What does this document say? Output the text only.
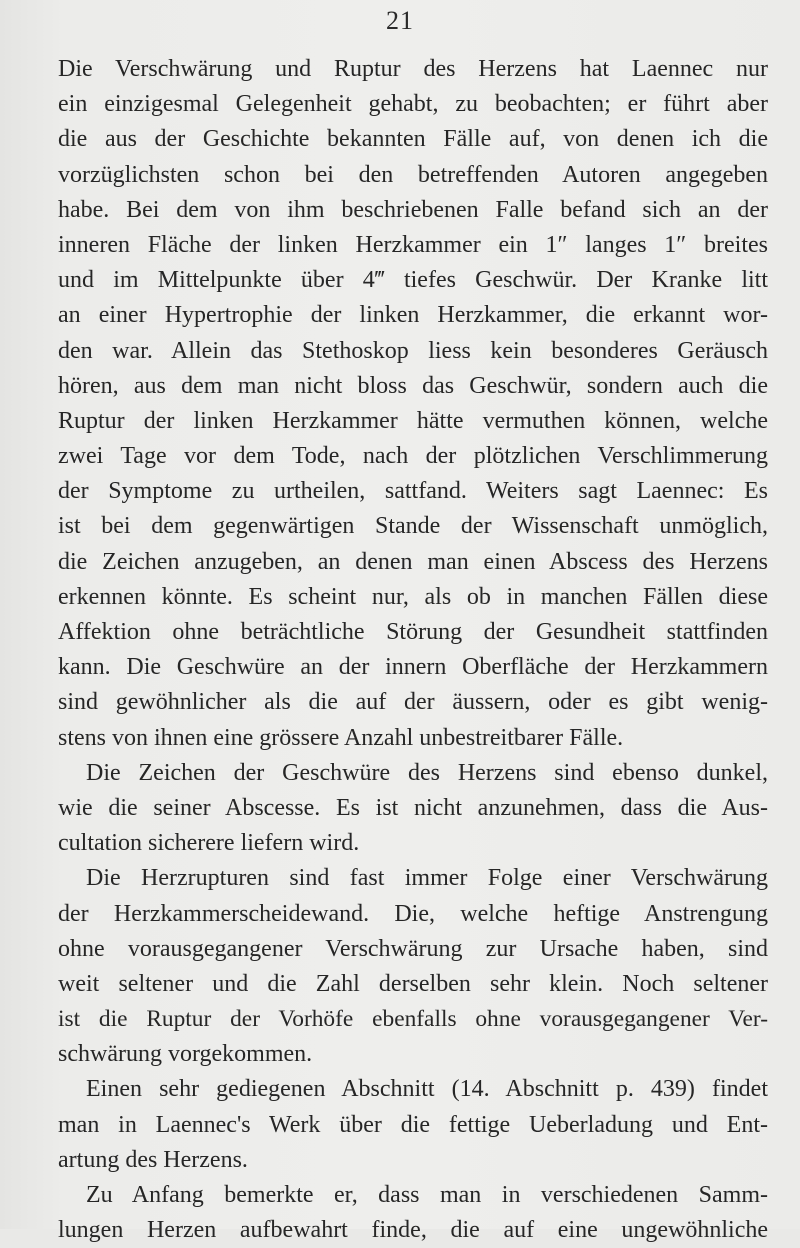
21
Die Verschwärung und Ruptur des Herzens hat Laennec nur
ein einzigesmal Gelegenheit gehabt, zu beobachten; er führt aber
die aus der Geschichte bekannten Fälle auf, von denen ich die
vorzüglichsten schon bei den betreffenden Autoren angegeben
habe. Bei dem von ihm beschriebenen Falle befand sich an der
inneren Fläche der linken Herzkammer ein 1″ langes 1″ breites
und im Mittelpunkte über 4‴ tiefes Geschwür. Der Kranke litt
an einer Hypertrophie der linken Herzkammer, die erkannt wor-
den war. Allein das Stethoskop liess kein besonderes Geräusch
hören, aus dem man nicht bloss das Geschwür, sondern auch die
Ruptur der linken Herzkammer hätte vermuthen können, welche
zwei Tage vor dem Tode, nach der plötzlichen Verschlimmerung
der Symptome zu urtheilen, sattfand. Weiters sagt Laennec: Es
ist bei dem gegenwärtigen Stande der Wissenschaft unmöglich,
die Zeichen anzugeben, an denen man einen Abscess des Herzens
erkennen könnte. Es scheint nur, als ob in manchen Fällen diese
Affektion ohne beträchtliche Störung der Gesundheit stattfinden
kann. Die Geschwüre an der innern Oberfläche der Herzkammern
sind gewöhnlicher als die auf der äussern, oder es gibt wenig-
stens von ihnen eine grössere Anzahl unbestreitbarer Fälle.
Die Zeichen der Geschwüre des Herzens sind ebenso dunkel,
wie die seiner Abscesse. Es ist nicht anzunehmen, dass die Aus-
cultation sicherere liefern wird.
Die Herzrupturen sind fast immer Folge einer Verschwärung
der Herzkammerscheidewand. Die, welche heftige Anstrengung
ohne vorausgegangener Verschwärung zur Ursache haben, sind
weit seltener und die Zahl derselben sehr klein. Noch seltener
ist die Ruptur der Vorhöfe ebenfalls ohne vorausgegangener Ver-
schwärung vorgekommen.
Einen sehr gediegenen Abschnitt (14. Abschnitt p. 439) findet
man in Laennec's Werk über die fettige Ueberladung und Ent-
artung des Herzens.
Zu Anfang bemerkte er, dass man in verschiedenen Samm-
lungen Herzen aufbewahrt finde, die auf eine ungewöhnliche
